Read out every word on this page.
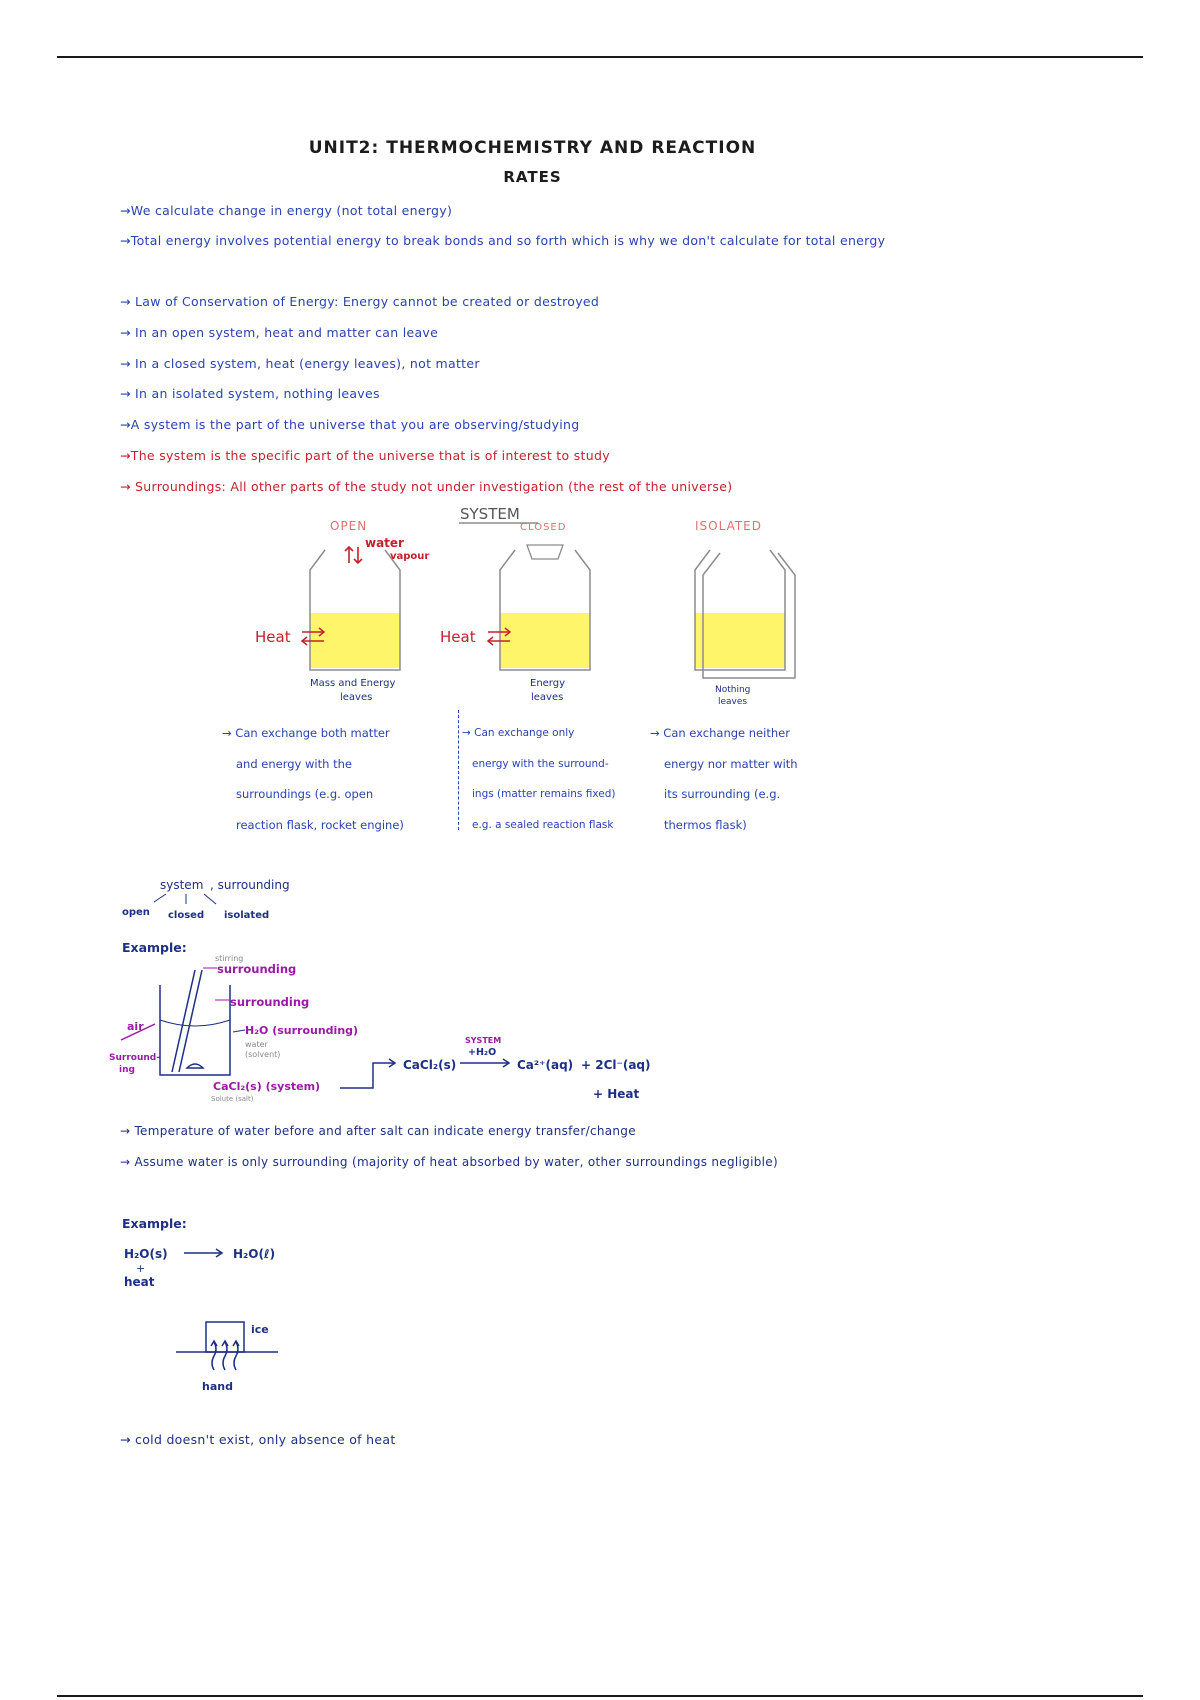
UNIT2: THERMOCHEMISTRY AND REACTION
RATES
→We calculate change in energy (not total energy)
→Total energy involves potential energy to break bonds and so forth which is why we don't calculate for total energy
→ Law of Conservation of Energy: Energy cannot be created or destroyed
→ In an open system, heat and matter can leave
→ In a closed system, heat (energy leaves), not matter
→ In an isolated system, nothing leaves
→A system is the part of the universe that you are observing/studying
→The system is the specific part of the universe that is of interest to study
→ Surroundings: All other parts of the study not under investigation (the rest of the universe)
SYSTEM
OPEN
water
vapour
Heat
Mass and Energy
leaves
CLOSED
Heat
Energy
leaves
ISOLATED
Nothing
leaves
→ Can exchange both matter
and energy with the
surroundings (e.g. open
reaction flask, rocket engine)
→ Can exchange only
energy with the surround-
ings (matter remains fixed)
e.g. a sealed reaction flask
→ Can exchange neither
energy nor matter with
its surrounding (e.g.
thermos flask)
system , surrounding
open closed isolated
Example:
stirring
surrounding
surrounding
H₂O (surrounding)
water
(solvent)
air
Surround-
ing
CaCl₂(s) (system)
Solute (salt)
CaCl₂(s)
SYSTEM
+H₂O
Ca²⁺(aq) + 2Cl⁻(aq)
+ Heat
→ Temperature of water before and after salt can indicate energy transfer/change
→ Assume water is only surrounding (majority of heat absorbed by water, other surroundings negligible)
Example:
H₂O(s)	H₂O(ℓ)
+
heat
ice
hand
→ cold doesn't exist, only absence of heat
